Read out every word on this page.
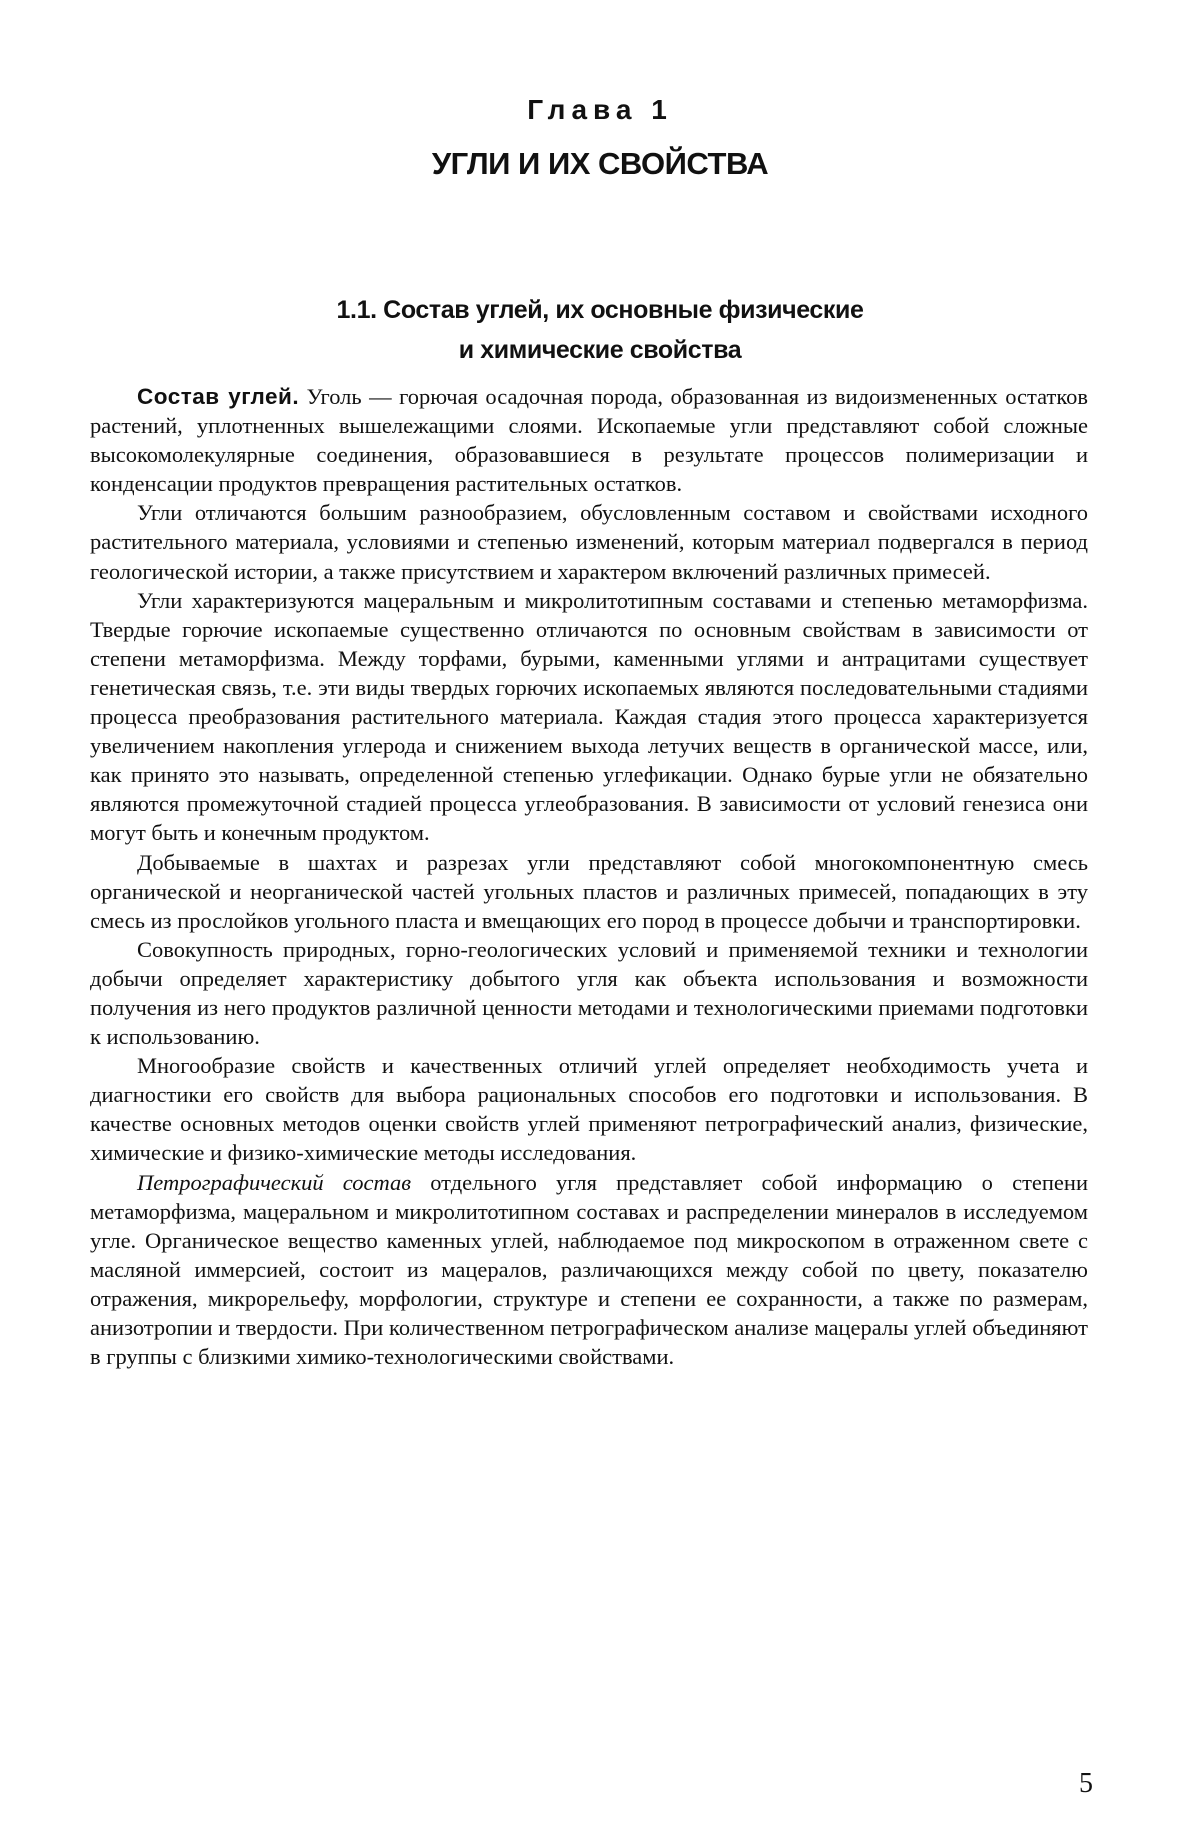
Глава 1
УГЛИ И ИХ СВОЙСТВА
1.1. Состав углей, их основные физические
и химические свойства

Состав углей. Уголь — горючая осадочная порода, образованная из видоизмененных остатков растений, уплотненных вышележащими слоями. Ископаемые угли представляют собой сложные высокомолекулярные соединения, образовавшиеся в результате процессов полимеризации и конденсации продуктов превращения растительных остатков.

Угли отличаются большим разнообразием, обусловленным составом и свойствами исходного растительного материала, условиями и степенью изменений, которым материал подвергался в период геологической истории, а также присутствием и характером включений различных примесей.

Угли характеризуются мацеральным и микролитотипным составами и степенью метаморфизма. Твердые горючие ископаемые существенно отличаются по основным свойствам в зависимости от степени метаморфизма. Между торфами, бурыми, каменными углями и антрацитами существует генетическая связь, т.е. эти виды твердых горючих ископаемых являются последовательными стадиями процесса преобразования растительного материала. Каждая стадия этого процесса характеризуется увеличением накопления углерода и снижением выхода летучих веществ в органической массе, или, как принято это называть, определенной степенью углефикации. Однако бурые угли не обязательно являются промежуточной стадией процесса углеобразования. В зависимости от условий генезиса они могут быть и конечным продуктом.

Добываемые в шахтах и разрезах угли представляют собой многокомпонентную смесь органической и неорганической частей угольных пластов и различных примесей, попадающих в эту смесь из прослойков угольного пласта и вмещающих его пород в процессе добычи и транспортировки.

Совокупность природных, горно-геологических условий и применяемой техники и технологии добычи определяет характеристику добытого угля как объекта использования и возможности получения из него продуктов различной ценности методами и технологическими приемами подготовки к использованию.

Многообразие свойств и качественных отличий углей определяет необходимость учета и диагностики его свойств для выбора рациональных способов его подготовки и использования. В качестве основных методов оценки свойств углей применяют петрографический анализ, физические, химические и физико-химические методы исследования.

Петрографический состав отдельного угля представляет собой информацию о степени метаморфизма, мацеральном и микролитотипном составах и распределении минералов в исследуемом угле. Органическое вещество каменных углей, наблюдаемое под микроскопом в отраженном свете с масляной иммерсией, состоит из мацералов, различающихся между собой по цвету, показателю отражения, микрорельефу, морфологии, структуре и степени ее сохранности, а также по размерам, анизотропии и твердости. При количественном петрографическом анализе мацералы углей объединяют в группы с близкими химико-технологическими свойствами.

5
